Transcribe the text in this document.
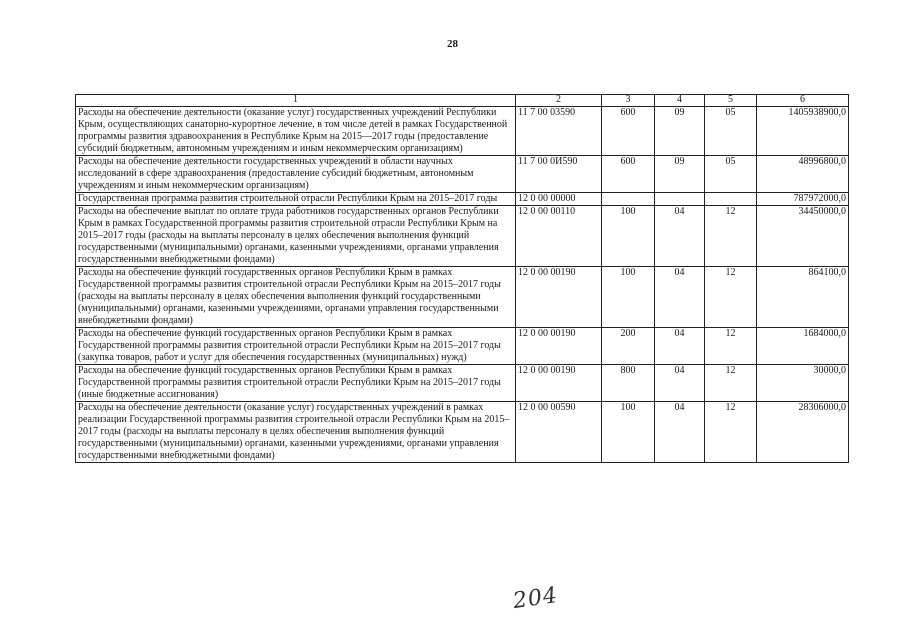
28
1	2	3	4	5	6
Расходы на обеспечение деятельности (оказание услуг) государственных учреждений Республики Крым, осуществляющих санаторно-курортное лечение, в том числе детей в рамках Государственной программы развития здравоохранения в Республике Крым на 2015—2017 годы (предоставление субсидий бюджетным, автономным учреждениям и иным некоммерческим организациям)	11 7 00 03590	600	09	05	1405938900,0
Расходы на обеспечение деятельности государственных учреждений в области научных исследований в сфере здравоохранения (предоставление субсидий бюджетным, автономным учреждениям и иным некоммерческим организациям)	11 7 00 0И590	600	09	05	48996800,0
Государственная программа развития строительной отрасли Республики Крым на 2015–2017 годы	12 0 00 00000				787972000,0
Расходы на обеспечение выплат по оплате труда работников государственных органов Республики Крым в рамках Государственной программы развития строительной отрасли Республики Крым на 2015–2017 годы (расходы на выплаты персоналу в целях обеспечения выполнения функций государственными (муниципальными) органами, казенными учреждениями, органами управления государственными внебюджетными фондами)	12 0 00 00110	100	04	12	34450000,0
Расходы на обеспечение функций государственных органов Республики Крым в рамках Государственной программы развития строительной отрасли Республики Крым на 2015–2017 годы (расходы на выплаты персоналу в целях обеспечения выполнения функций государственными (муниципальными) органами, казенными учреждениями, органами управления государственными внебюджетными фондами)	12 0 00 00190	100	04	12	864100,0
Расходы на обеспечение функций государственных органов Республики Крым в рамках Государственной программы развития строительной отрасли Республики Крым на 2015–2017 годы (закупка товаров, работ и услуг для обеспечения государственных (муниципальных) нужд)	12 0 00 00190	200	04	12	1684000,0
Расходы на обеспечение функций государственных органов Республики Крым в рамках Государственной программы развития строительной отрасли Республики Крым на 2015–2017 годы (иные бюджетные ассигнования)	12 0 00 00190	800	04	12	30000,0
Расходы на обеспечение деятельности (оказание услуг) государственных учреждений в рамках реализации Государственной программы развития строительной отрасли Республики Крым на 2015–2017 годы (расходы на выплаты персоналу в целях обеспечения выполнения функций государственными (муниципальными) органами, казенными учреждениями, органами управления государственными внебюджетными фондами)	12 0 00 00590	100	04	12	28306000,0
204
